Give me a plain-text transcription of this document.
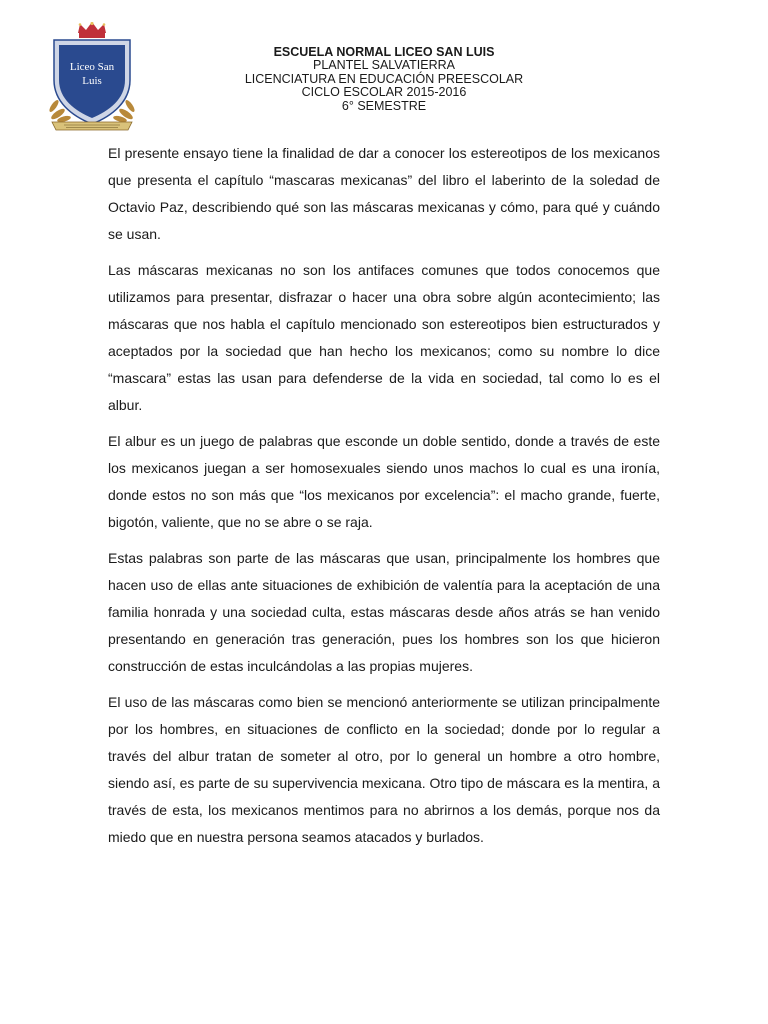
Liceo San
Luis
ESCUELA NORMAL LICEO SAN LUIS
PLANTEL SALVATIERRA
LICENCIATURA EN EDUCACIÓN PREESCOLAR
CICLO ESCOLAR 2015-2016
6° SEMESTRE

El presente ensayo tiene la finalidad de dar a conocer los estereotipos de los mexicanos que presenta el capítulo “mascaras mexicanas” del libro el laberinto de la soledad de Octavio Paz, describiendo qué son las máscaras mexicanas y cómo, para qué y cuándo se usan.

Las máscaras mexicanas no son los antifaces comunes que todos conocemos que utilizamos para presentar, disfrazar o hacer una obra sobre algún acontecimiento; las máscaras que nos habla el capítulo mencionado son estereotipos bien estructurados y aceptados por la sociedad que han hecho los mexicanos; como su nombre lo dice “mascara” estas las usan para defenderse de la vida en sociedad, tal como lo es el albur.

El albur es un juego de palabras que esconde un doble sentido, donde a través de este los mexicanos juegan a ser homosexuales siendo unos machos lo cual es una ironía, donde estos no son más que “los mexicanos por excelencia”: el macho grande, fuerte, bigotón, valiente, que no se abre o se raja.

Estas palabras son parte de las máscaras que usan, principalmente los hombres que hacen uso de ellas ante situaciones de exhibición de valentía para la aceptación de una familia honrada y una sociedad culta, estas máscaras desde años atrás se han venido presentando en generación tras generación, pues los hombres son los que hicieron construcción de estas inculcándolas a las propias mujeres.

El uso de las máscaras como bien se mencionó anteriormente se utilizan principalmente por los hombres, en situaciones de conflicto en la sociedad; donde por lo regular a través del albur tratan de someter al otro, por lo general un hombre a otro hombre, siendo así, es parte de su supervivencia mexicana. Otro tipo de máscara es la mentira, a través de esta, los mexicanos mentimos para no abrirnos a los demás, porque nos da miedo que en nuestra persona seamos atacados y burlados.
